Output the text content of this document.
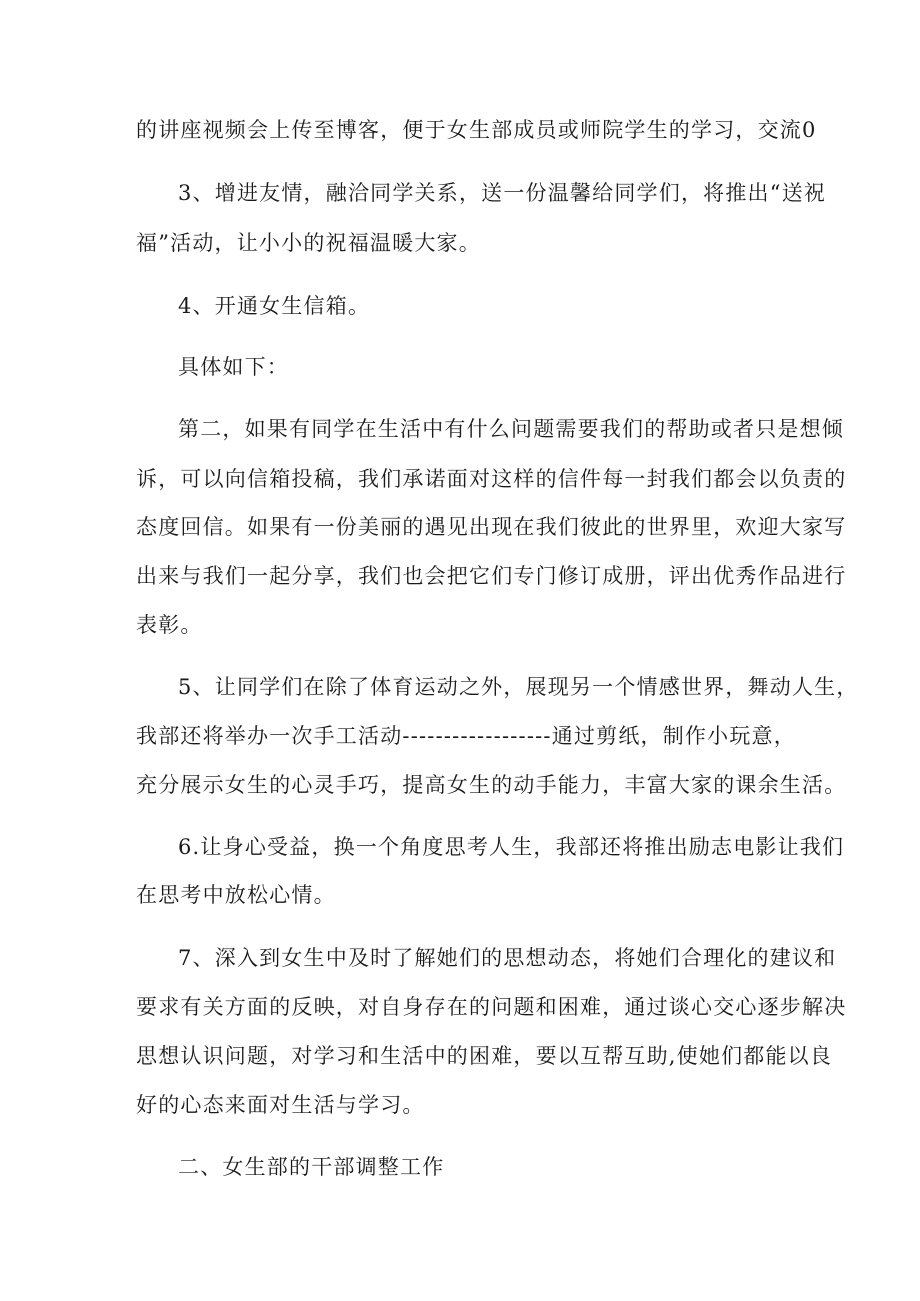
的讲座视频会上传至博客，便于女生部成员或师院学生的学习，交流0
3、增进友情，融洽同学关系，送一份温馨给同学们，将推出“送祝
福”活动，让小小的祝福温暖大家。
4、开通女生信箱。
具体如下：
第二，如果有同学在生活中有什么问题需要我们的帮助或者只是想倾
诉，可以向信箱投稿，我们承诺面对这样的信件每一封我们都会以负责的
态度回信。如果有一份美丽的遇见出现在我们彼此的世界里，欢迎大家写
出来与我们一起分享，我们也会把它们专门修订成册，评出优秀作品进行
表彰。
5、让同学们在除了体育运动之外，展现另一个情感世界，舞动人生，
我部还将举办一次手工活动------------------通过剪纸，制作小玩意，
充分展示女生的心灵手巧，提高女生的动手能力，丰富大家的课余生活。
6.让身心受益，换一个角度思考人生，我部还将推出励志电影让我们
在思考中放松心情。
7、深入到女生中及时了解她们的思想动态，将她们合理化的建议和
要求有关方面的反映，对自身存在的问题和困难，通过谈心交心逐步解决
思想认识问题，对学习和生活中的困难，要以互帮互助,使她们都能以良
好的心态来面对生活与学习。
二、女生部的干部调整工作
